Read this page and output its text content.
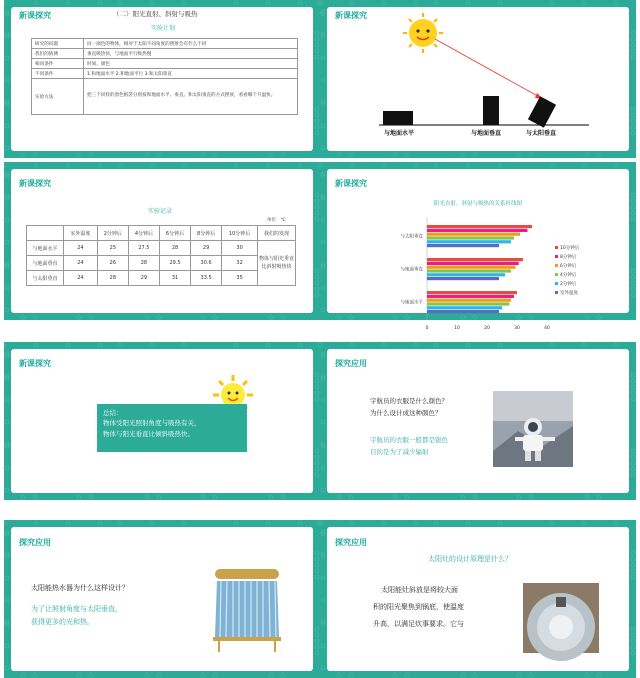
新课探究	（二）阳光直射、斜射与吸热
实验计划
研究的问题	同一颜色的物体，相对于太阳不同角度的照射会有什么不同
我们的猜测	垂直吸热快，与地面平行吸热慢
相同条件	时间、颜色
不同条件	1.和地面水平 2.和地面平行 3.和太阳垂直
实验方法	把三个同样的黑色纸袋分别按和地面水平、垂直、和太阳垂直的方式摆放，看看哪个升温快。
新课探究
与地面水平	与地面垂直	与太阳垂直
新课探究
实验记录
单位：℃
	室外温度	2分钟后	4分钟后	6分钟后	8分钟后	10分钟后	我们的发现
与地面水平	24	25	27.5	28	29	30	物体与阳光垂直比斜射吸热快
与地面垂直	24	26	28	29.5	30.6	32	
与太阳垂直	24	28	29	31	33.5	35	
新课探究
阳光直射、斜射与吸热的关系折线图
0	10	20	30	40
与太阳垂直
与地面垂直
与地面水平
10分钟后
8分钟后
6分钟后
4分钟后
2分钟后
室外温度
新课探究
总结：
物体受阳光照射角度与吸热有关，
物体与阳光垂直比倾斜吸热快。
探究应用
宇航员的衣服是什么颜色？
为什么设计成这种颜色？
宇航员的衣服一般都是银色
目的是为了减少辐射
探究应用
太阳能热水器为什么这样设计？
为了让照射角度与太阳垂直，
获得更多的光和热。
探究应用
太阳灶的设计原理是什么？
太阳能灶斜放是将较大面
积的阳光聚焦到锅底，使温度
升高，以满足炊事要求。它与
